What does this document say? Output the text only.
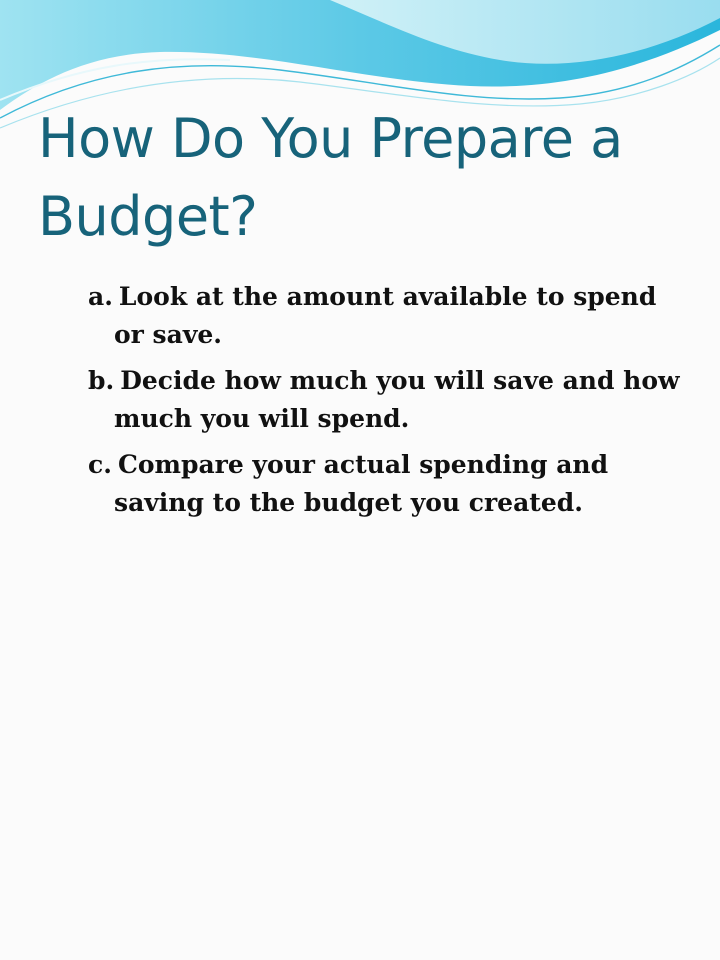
How Do You Prepare a Budget?
a. Look at the amount available to spend or save.
b. Decide how much you will save and how much you will spend.
c. Compare your actual spending and saving to the budget you created.
